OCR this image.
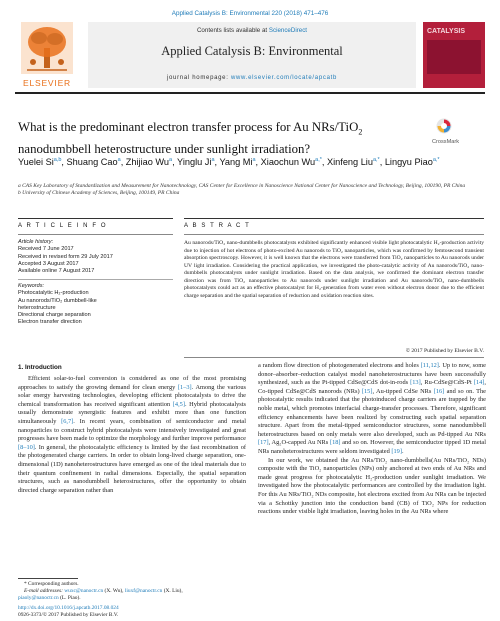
Applied Catalysis B: Environmental 220 (2018) 471–476
ELSEVIER
Contents lists available at ScienceDirect
Applied Catalysis B: Environmental
journal homepage: www.elsevier.com/locate/apcatb
CATALYSIS
What is the predominant electron transfer process for Au NRs/TiO$_2$
nanodumbbell heterostructure under sunlight irradiation?	CrossMark
Yuelei Si$^{a,b}$, Shuang Cao$^a$, Zhijiao Wu$^a$, Yinglu Ji$^a$, Yang Mi$^a$, Xiaochun $Wu^{a,*}$, Xinfeng Liu$^{a,*}$, Lingyu Piao$^{a,*}$
a CAS Key Laboratory of Standardization and Measurement for Nanotechnology, CAS Center for Excellence in Nanoscience National Center for Nanoscience and Technology, Beijing, 100190, PR China
b University of Chinese Academy of Sciences, Beijing, 100149, PR China
A R T I C L E I N F O	A B S T R A C T
Article history:
Received 7 June 2017
Received in revised form 29 July 2017
Accepted 3 August 2017
Available online 7 August 2017
Keywords:
Photocatalytic H₂-production
Au nanorods/TiO₂ dumbbell-like
heterostructure
Directional charge separation
Electron transfer direction
Au nanorods/TiO₂ nano-dumbbells photocatalysts exhibited significantly enhanced visible light photocatalytic H₂-production activity due to injection of hot electrons of photo-excited Au nanorods to TiO₂ nanoparticles, which was confirmed by femtosecond transient absorption spectroscopy. However, it is well known that the electrons were transferred from TiO₂ nanoparticles to Au nanorods under UV light irradiation. Considering the practical application, we investigated the photo-catalytic activity of Au nanorods/TiO₂ nano-dumbbells photocatalysts under sunlight irradiation. Based on the data analysis, we confirmed the dominant electron transfer direction was from TiO₂ nanoparticles to Au nanorods under sunlight irradiation and Au nanorods/TiO₂ nano-dumbbells photocatalysts could act as an effective photocatalyst for H₂-generation from water even without electron donor due to the efficient charge separation and the spatial separation of reduction and oxidation reaction sites.
© 2017 Published by Elsevier B.V.
1. Introduction
Efficient solar-to-fuel conversion is considered as one of the most promising approaches to satisfy the growing demand for clean energy [1–3]. Among the various solar energy harvesting technologies, developing efficient photocatalysts to drive the chemical transformation has received significant attention [4,5]. Hybrid photocatalysts usually demonstrate synergistic features and exhibit more than one function simultaneously [6,7]. In recent years, combination of semiconductor and metal nanoparticles to construct hybrid photocatalysts were intensively investigated and great progresses have been made to optimize the morphology and further improve performance [8–10]. In general, the photocatalytic efficiency is limited by the fast recombination of the photogenerated charge carriers. In order to obtain long-lived charge separation, one-dimensional (1D) nanoheterostructures have emerged as one of the ideal materials due to their quantum confinement in radial dimensions. Especially, the spatial separation structures, such as nanodumbbell heterostructures, offer the opportunity to obtain directed charge separation rather than

a random flow direction of photogenerated electrons and holes [11,12]. Up to now, some donor–absorber–reduction catalyst model nanoheterostructures have been successfully synthesized, such as the Pt-tipped CdSe@CdS dot-in-rods [13], Ru-CdSe@CdS-Pt [14], Co-tipped CdSe@CdS nanorods (NRs) [15], Au-tipped CdSe NRs [16] and so on. The photocatalytic results indicated that the photoinduced charge carriers are trapped by the noble metal, which promotes interfacial charge-transfer processes. Therefore, significant efficiency enhancements have been realized by constructing such spatial separation structure. Apart from the metal-tipped semiconductor structures, some nanodumbbell heterostructures based on only metals were also developed, such as Pd-tipped Au NRs [17], Ag₂O-capped Au NRs [18] and so on. However, the semiconductor tipped 1D metal NRs nanoheterostructures were seldom investigated [19].

In our work, we obtained the Au NRs/TiO₂ nano-dumbbells(Au NRs/TiO₂ NDs) composite with the TiO₂ nanoparticles (NPs) only anchored at two ends of Au NRs and made great progress for photocatalytic H₂-production under sunlight irradiation. We investigated how the photocatalytic performances are controlled by the irradiation light. For this Au NRs/TiO₂ NDs composite, hot electrons excited from Au NRs can be injected via a Schottky junction into the conduction band (CB) of TiO₂ NPs for reduction reactions under visible light irradiation, leaving holes in the Au NRs where

* Corresponding authors.
E-mail addresses: wuxc@nanoctr.cn (X. Wu), liuxf@nanoctr.cn (X. Liu),
piaoly@nanoctr.cn (L. Piao).
http://dx.doi.org/10.1016/j.apcatb.2017.08.024
0926-3373/© 2017 Published by Elsevier B.V.
